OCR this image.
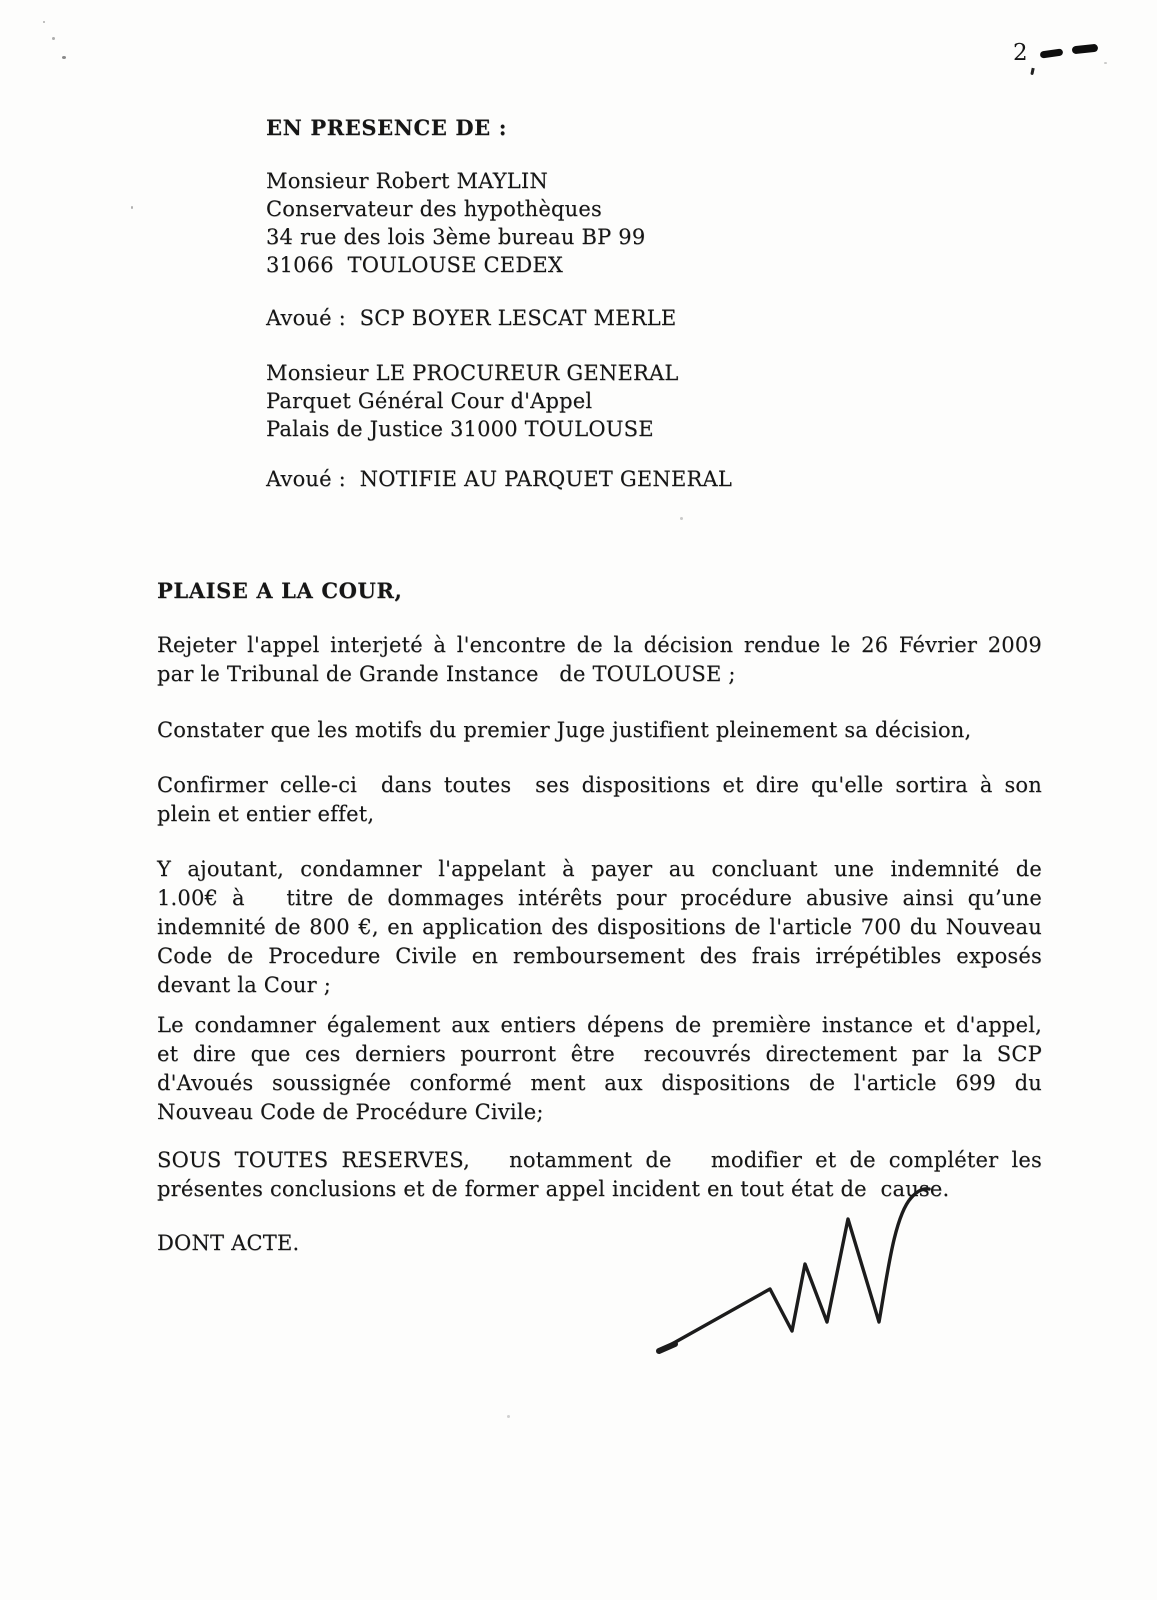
2
EN PRESENCE DE :
Monsieur Robert MAYLIN
Conservateur des hypothèques
34 rue des lois 3ème bureau BP 99
31066  TOULOUSE CEDEX
Avoué :  SCP BOYER LESCAT MERLE
Monsieur LE PROCUREUR GENERAL
Parquet Général Cour d'Appel
Palais de Justice 31000 TOULOUSE
Avoué :  NOTIFIE AU PARQUET GENERAL
PLAISE A LA COUR,
Rejeter l'appel interjeté à l'encontre de la décision rendue le 26 Février 2009
par le Tribunal de Grande Instance   de TOULOUSE ;
Constater que les motifs du premier Juge justifient pleinement sa décision,
Confirmer celle-ci  dans toutes  ses dispositions et dire qu'elle sortira à son
plein et entier effet,
Y ajoutant, condamner l'appelant à payer au concluant une indemnité de
1.00€ à   titre de dommages intérêts pour procédure abusive ainsi qu’une
indemnité de 800 €, en application des dispositions de l'article 700 du Nouveau
Code de Procedure Civile en remboursement des frais irrépétibles exposés
devant la Cour ;
Le condamner également aux entiers dépens de première instance et d'appel,
et dire que ces derniers pourront être  recouvrés directement par la SCP
d'Avoués soussignée conformé ment aux dispositions de l'article 699 du
Nouveau Code de Procédure Civile;
SOUS TOUTES RESERVES,   notamment de   modifier et de compléter les
présentes conclusions et de former appel incident en tout état de  cause.
DONT ACTE.
